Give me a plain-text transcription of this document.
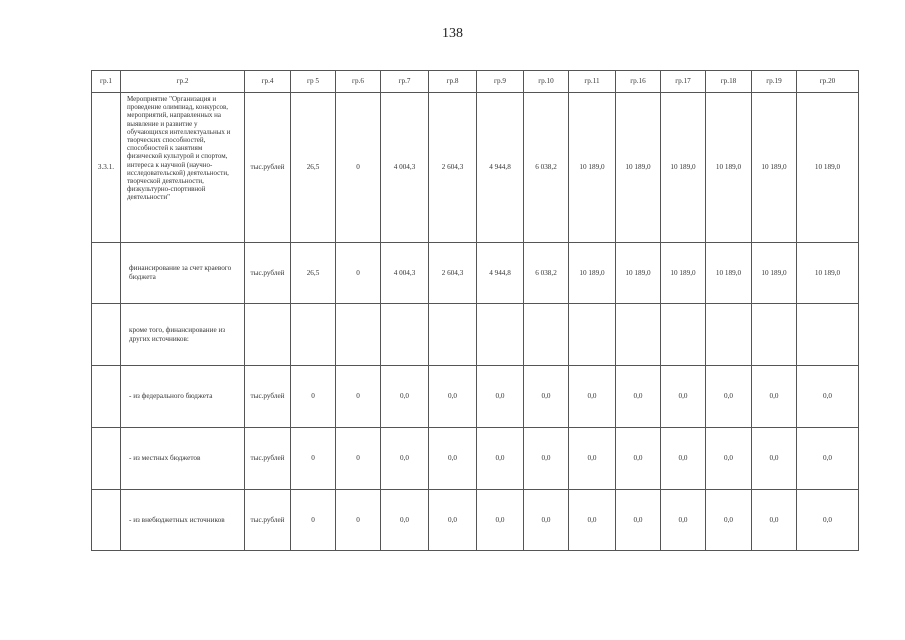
138
гр.1	гр.2	гр.4	гр 5	гр.6	гр.7	гр.8	гр.9	гр.10	гр.11	гр.16	гр.17	гр.18	гр.19	гр.20
3.3.1.	Мероприятие "Организация и проведение олимпиад, конкурсов, мероприятий, направленных на выявление и развитие у обучающихся интеллектуальных и творческих способностей, способностей к занятиям физической культурой и спортом, интереса к научной (научно-исследовательской) деятельности, творческой деятельности, физкультурно-спортивной деятельности"	тыс.рублей	26,5	0	4 004,3	2 604,3	4 944,8	6 038,2	10 189,0	10 189,0	10 189,0	10 189,0	10 189,0	10 189,0
	финансирование за счет краевого бюджета	тыс.рублей	26,5	0	4 004,3	2 604,3	4 944,8	6 038,2	10 189,0	10 189,0	10 189,0	10 189,0	10 189,0	10 189,0
	кроме того, финансирование из других источников:													
	- из федерального бюджета	тыс.рублей	0	0	0,0	0,0	0,0	0,0	0,0	0,0	0,0	0,0	0,0	0,0
	- из местных бюджетов	тыс.рублей	0	0	0,0	0,0	0,0	0,0	0,0	0,0	0,0	0,0	0,0	0,0
	- из внебюджетных источников	тыс.рублей	0	0	0,0	0,0	0,0	0,0	0,0	0,0	0,0	0,0	0,0	0,0
